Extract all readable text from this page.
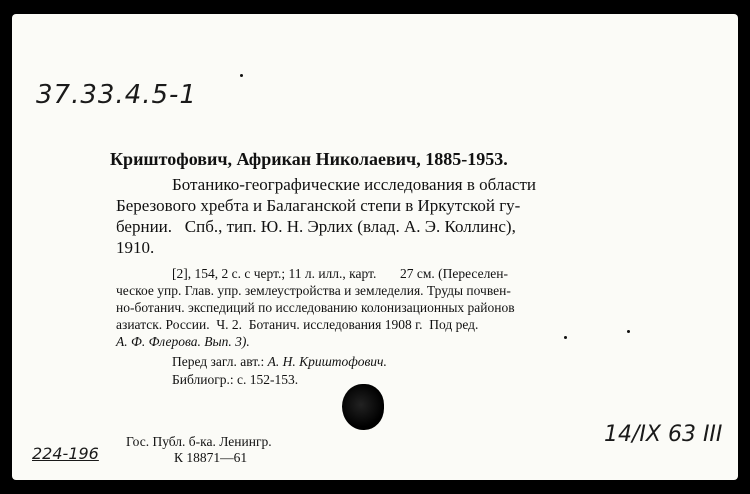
37.33.4.5-1
Криштофович, Африкан Николаевич, 1885-1953.
Ботанико-географические исследования в области
Березового хребта и Балаганской степи в Иркутской гу-
бернии.   Спб., тип. Ю. Н. Эрлих (влад. А. Э. Коллинс),
1910.
[2], 154, 2 с. с черт.; 11 л. илл., карт.       27 см. (Переселен-
ческое упр. Глав. упр. землеустройства и земледелия. Труды почвен-
но-ботанич. экспедиций по исследованию колонизационных районов
азиатск. России.  Ч. 2.  Ботанич. исследования 1908 г.  Под ред.
А. Ф. Флерова. Вып. 3).
Перед загл. авт.: А. Н. Криштофович.
Библиогр.: с. 152-153.
Гос. Публ. б-ка. Ленингр.
К 18871—61
224-196
14/IX 63 III
